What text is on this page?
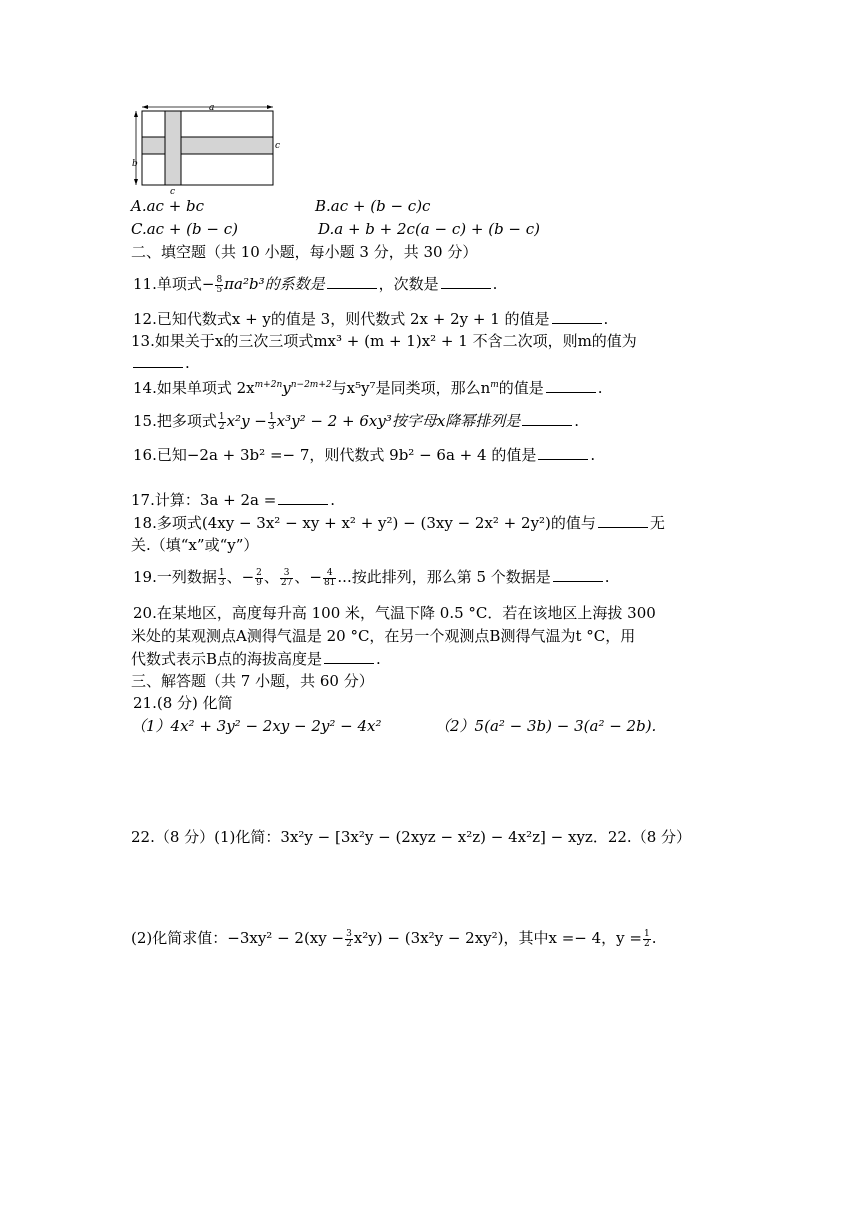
a
b
c
c
A.ac + bc	B.ac + (b − c)c
C.ac + (b − c)	D.a + b + 2c(a − c) + (b − c)
二、填空题（共 10 小题，每小题 3 分，共 30 分）
11.单项式− $\frac{8}{5} \pi a^2b^3$的系数是	，次数是	.
12.已知代数式x + y的值是 3，则代数式 2x + 2y + 1 的值是	.
13.如果关于x的三次三项式mx³ + (m + 1)x² + 1 不含二次项，则m的值为
.
14.如果单项式 $2x^{m+2n}y^{n-2m+2}$与x⁵y⁷是同类项，那么$n^m$的值是	.
15.把多项式 $\frac{1}{2} x^2y - \frac{1}{3} x^3y^2 - 2 + 6xy^3$按字母x降幂排列是	.
16.已知−2a + 3b² =− 7，则代数式 9b² − 6a + 4 的值是	.
17.计算：3a + 2a =	.
18.多项式(4xy − 3x² − xy + x² + y²) − (3xy − 2x² + 2y²)的值与	无
关.（填“x”或“y”）
19.一列数据 $\frac{1}{3}$ 、− $\frac{2}{9}$ 、 $\frac{3}{27}$ 、− $\frac{4}{81}$ ...按此排列，那么第 5 个数据是	.
20.在某地区，高度每升高 100 米，气温下降 0.5 °C．若在该地区上海拔 300
米处的某观测点A测得气温是 20 °C，在另一个观测点B测得气温为t °C，用
代数式表示B点的海拔高度是	.
三、解答题（共 7 小题，共 60 分）
21.(8 分) 化简
（1）4x² + 3y² − 2xy − 2y² − 4x²	（2）5(a² − 3b) − 3(a² − 2b).
22.（8 分）(1)化简：3x²y − [3x²y − (2xyz − x²z) − 4x²z] − xyz．22.（8 分）
(2)化简求值：$-3xy^2 - 2(xy - \frac{3}{2} x^2y) - (3x^2y - 2xy^2)$，其中x =− 4，$y = \frac{1}{2}$ .
